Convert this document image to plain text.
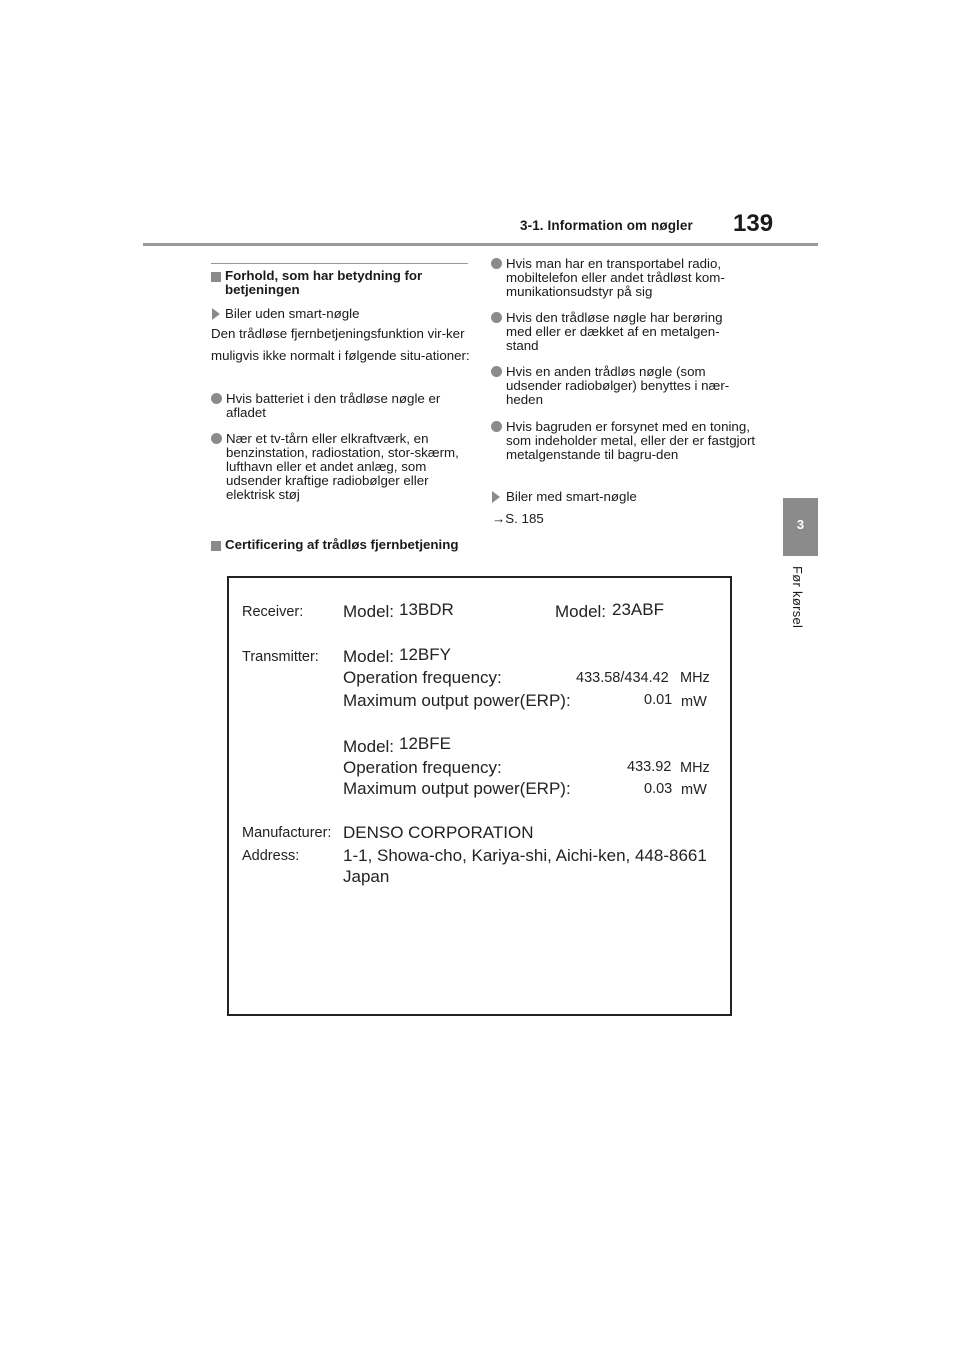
3-1. Information om nøgler 139
3
Før kørsel
Forhold, som har betydning for betjeningen
Biler uden smart-nøgle
Den trådløse fjernbetjeningsfunktion vir-ker muligvis ikke normalt i følgende situ-ationer:
Hvis batteriet i den trådløse nøgle er afladet
Nær et tv-tårn eller elkraftværk, en benzinstation, radiostation, stor-skærm, lufthavn eller et andet anlæg, som udsender kraftige radiobølger eller elektrisk støj
Certificering af trådløs fjernbetjening
Hvis man har en transportabel radio, mobiltelefon eller andet trådløst kom-munikationsudstyr på sig
Hvis den trådløse nøgle har berøring med eller er dækket af en metalgen-stand
Hvis en anden trådløs nøgle (som udsender radiobølger) benyttes i nær-heden
Hvis bagruden er forsynet med en toning, som indeholder metal, eller der er fastgjort metalgenstande til bagru-den
Biler med smart-nøgle
→S. 185
Receiver: Model: 13BDR	Model: 23ABF
Transmitter: Model: 12BFY
Operation frequency:	433.58/434.42 MHz
Maximum output power(ERP):	0.01 mW
Model: 12BFE
Operation frequency:	433.92 MHz
Maximum output power(ERP):	0.03 mW
Manufacturer: DENSO CORPORATION
Address:	1-1, Showa-cho, Kariya-shi, Aichi-ken, 448-8661
Japan
